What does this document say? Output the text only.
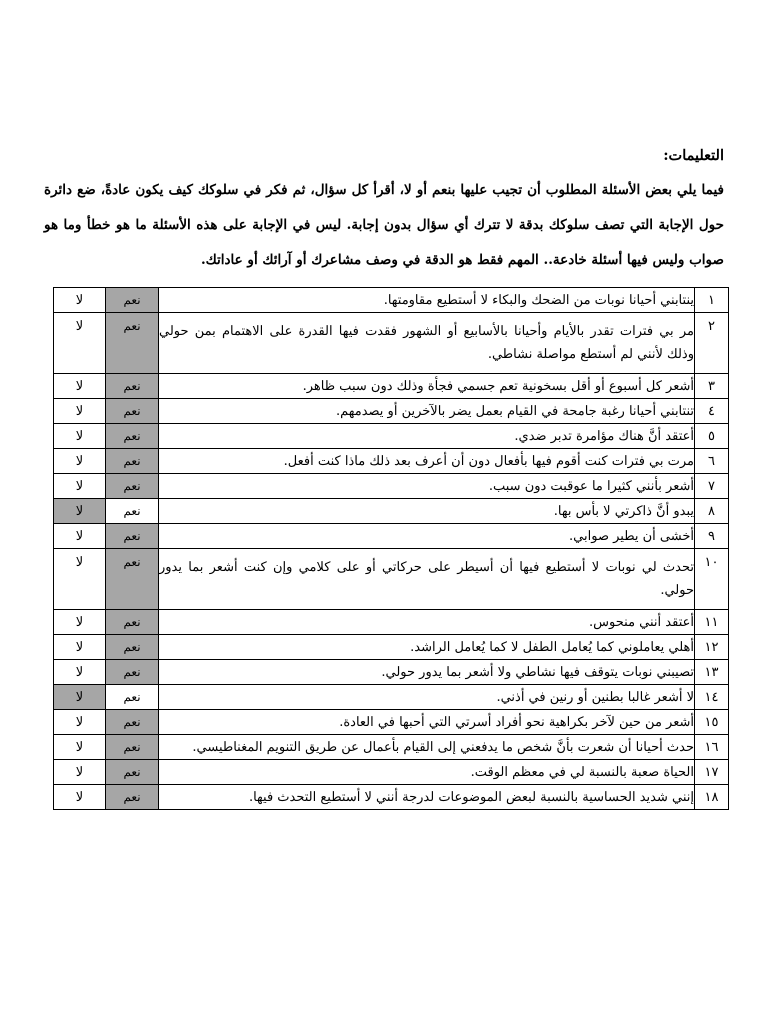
التعليمات:
فيما يلي بعض الأسئلة المطلوب أن تجيب عليها بنعم أو لا، أقرأ كل سؤال، ثم فكر في سلوكك كيف يكون عادةً، ضع دائرة حول الإجابة التي تصف سلوكك بدقة لا تترك أي سؤال بدون إجابة. ليس في الإجابة على هذه الأسئلة ما هو خطأ وما هو صواب وليس فيها أسئلة خادعة.. المهم فقط هو الدقة في وصف مشاعرك أو آرائك أو عاداتك.
١	ينتابني أحيانا نوبات من الضحك والبكاء لا أستطيع مقاومتها.	نعم	لا
٢	مر بي فترات تقدر بالأيام وأحيانا بالأسابيع أو الشهور فقدت فيها القدرة على الاهتمام بمن حولي وذلك لأنني لم أستطع مواصلة نشاطي.	نعم	لا
٣	أشعر كل أسبوع أو أقل بسخونية تعم جسمي فجأة وذلك دون سبب ظاهر.	نعم	لا
٤	تنتابني أحيانا رغبة جامحة في القيام بعمل يضر بالآخرين أو يصدمهم.	نعم	لا
٥	أعتقد أنَّ هناك مؤامرة تدبر ضدي.	نعم	لا
٦	مرت بي فترات كنت أقوم فيها بأفعال دون أن أعرف بعد ذلك ماذا كنت أفعل.	نعم	لا
٧	أشعر بأنني كثيرا ما عوقبت دون سبب.	نعم	لا
٨	يبدو أنَّ ذاكرتي لا بأس بها.	نعم	لا
٩	أخشى أن يطير صوابي.	نعم	لا
١٠	تحدث لي نوبات لا أستطيع فيها أن أسيطر على حركاتي أو على كلامي وإن كنت أشعر بما يدور حولي.	نعم	لا
١١	أعتقد أنني منحوس.	نعم	لا
١٢	أهلي يعاملوني كما يُعامل الطفل لا كما يُعامل الراشد.	نعم	لا
١٣	تصيبني نوبات يتوقف فيها نشاطي ولا أشعر بما يدور حولي.	نعم	لا
١٤	لا أشعر غالبا بطنين أو رنين في أذني.	نعم	لا
١٥	أشعر من حين لآخر بكراهية نحو أفراد أسرتي التي أحبها في العادة.	نعم	لا
١٦	حدث أحيانا أن شعرت بأنَّ شخص ما يدفعني إلى القيام بأعمال عن طريق التنويم المغناطيسي.	نعم	لا
١٧	الحياة صعبة بالنسبة لي في معظم الوقت.	نعم	لا
١٨	إنني شديد الحساسية بالنسبة لبعض الموضوعات لدرجة أنني لا أستطيع التحدث فيها.	نعم	لا
